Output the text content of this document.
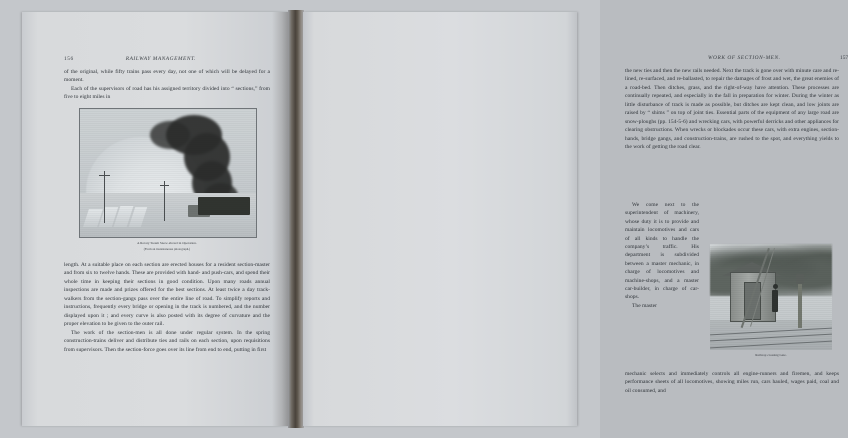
156	RAILWAY MANAGEMENT.
of the original, while fifty trains pass every day, not one of which will be delayed for a moment.
Each of the supervisors of road has his assigned territory divided into “ sections,” from five to eight miles in
A Rotary Steam Snow-shovel in Operation.
(From an instantaneous photograph.)
length. At a suitable place on each section are erected houses for a resident section-master and from six to twelve hands. These are provided with hand- and push-cars, and spend their whole time in keeping their sections in good condition. Upon many roads annual inspections are made and prizes offered for the best sections. At least twice a day track-walkers from the section-gangs pass over the entire line of road. To simplify reports and instructions, frequently every bridge or opening in the track is numbered, and the number displayed upon it ; and every curve is also posted with its degree of curvature and the proper elevation to be given to the outer rail.
The work of the section-men is all done under regular system. In the spring construction-trains deliver and distribute ties and rails on each section, upon requisitions from supervisors. Then the section-force goes over its line from end to end, putting in first
WORK OF SECTION-MEN.	157
the new ties and then the new rails needed. Next the track is gone over with minute care and re-lined, re-surfaced, and re-ballasted, to repair the damages of frost and wet, the great enemies of a road-bed. Then ditches, grass, and the right-of-way have attention. These processes are continually repeated, and especially in the fall in preparation for winter. During the winter as little disturbance of track is made as possible, but ditches are kept clean, and low joints are raised by “ shims ” on top of joint ties. Essential parts of the equipment of any large road are snow-ploughs (pp. 154-5-6) and wrecking cars, with powerful derricks and other appliances for clearing obstructions. When wrecks or blockades occur these cars, with extra engines, section-hands, bridge gangs, and construction-trains, are rushed to the spot, and everything yields to the work of getting the road clear.
We come next to the superintendent of machinery, whose duty it is to provide and maintain locomotives and cars of all kinds to handle the company’s traffic. His department is subdivided between a master mechanic, in charge of locomotives and machine-shops, and a master car-builder, in charge of car-shops.
The master
Railway-crossing Gate.
mechanic selects and immediately controls all engine-runners and firemen, and keeps performance sheets of all locomotives, showing miles run, cars hauled, wages paid, coal and oil consumed, and
